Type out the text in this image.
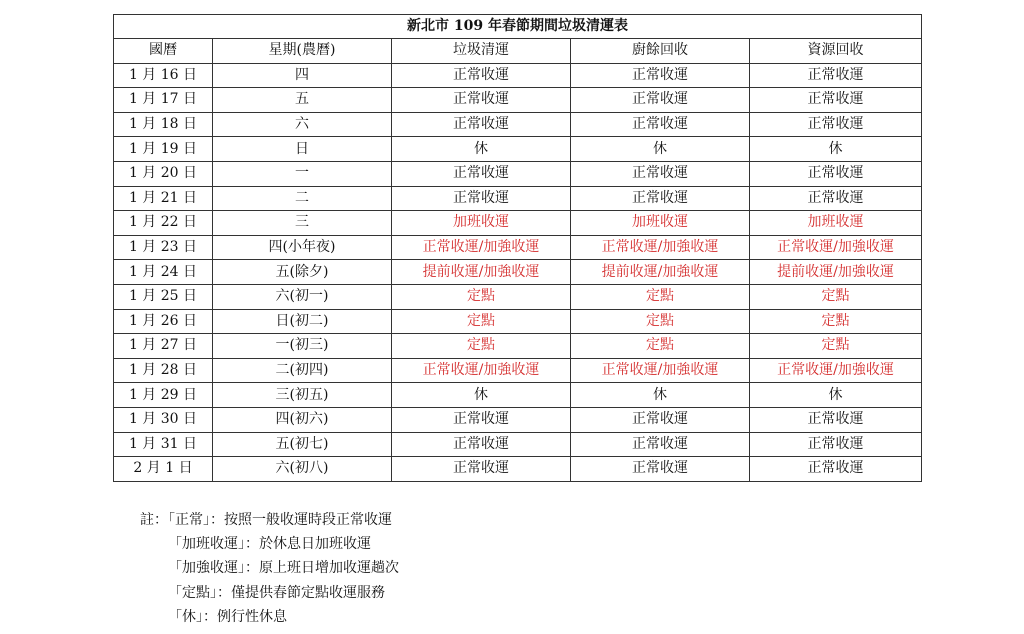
新北市 109 年春節期間垃圾清運表				
國曆	星期(農曆)	垃圾清運	廚餘回收	資源回收
1 月 16 日	四	正常收運	正常收運	正常收運
1 月 17 日	五	正常收運	正常收運	正常收運
1 月 18 日	六	正常收運	正常收運	正常收運
1 月 19 日	日	休	休	休
1 月 20 日	一	正常收運	正常收運	正常收運
1 月 21 日	二	正常收運	正常收運	正常收運
1 月 22 日	三	加班收運	加班收運	加班收運
1 月 23 日	四(小年夜)	正常收運/加強收運	正常收運/加強收運	正常收運/加強收運
1 月 24 日	五(除夕)	提前收運/加強收運	提前收運/加強收運	提前收運/加強收運
1 月 25 日	六(初一)	定點	定點	定點
1 月 26 日	日(初二)	定點	定點	定點
1 月 27 日	一(初三)	定點	定點	定點
1 月 28 日	二(初四)	正常收運/加強收運	正常收運/加強收運	正常收運/加強收運
1 月 29 日	三(初五)	休	休	休
1 月 30 日	四(初六)	正常收運	正常收運	正常收運
1 月 31 日	五(初七)	正常收運	正常收運	正常收運
2 月 1 日	六(初八)	正常收運	正常收運	正常收運
註：「正常」：按照一般收運時段正常收運
「加班收運」：於休息日加班收運
「加強收運」：原上班日增加收運趟次
「定點」：僅提供春節定點收運服務
「休」：例行性休息
